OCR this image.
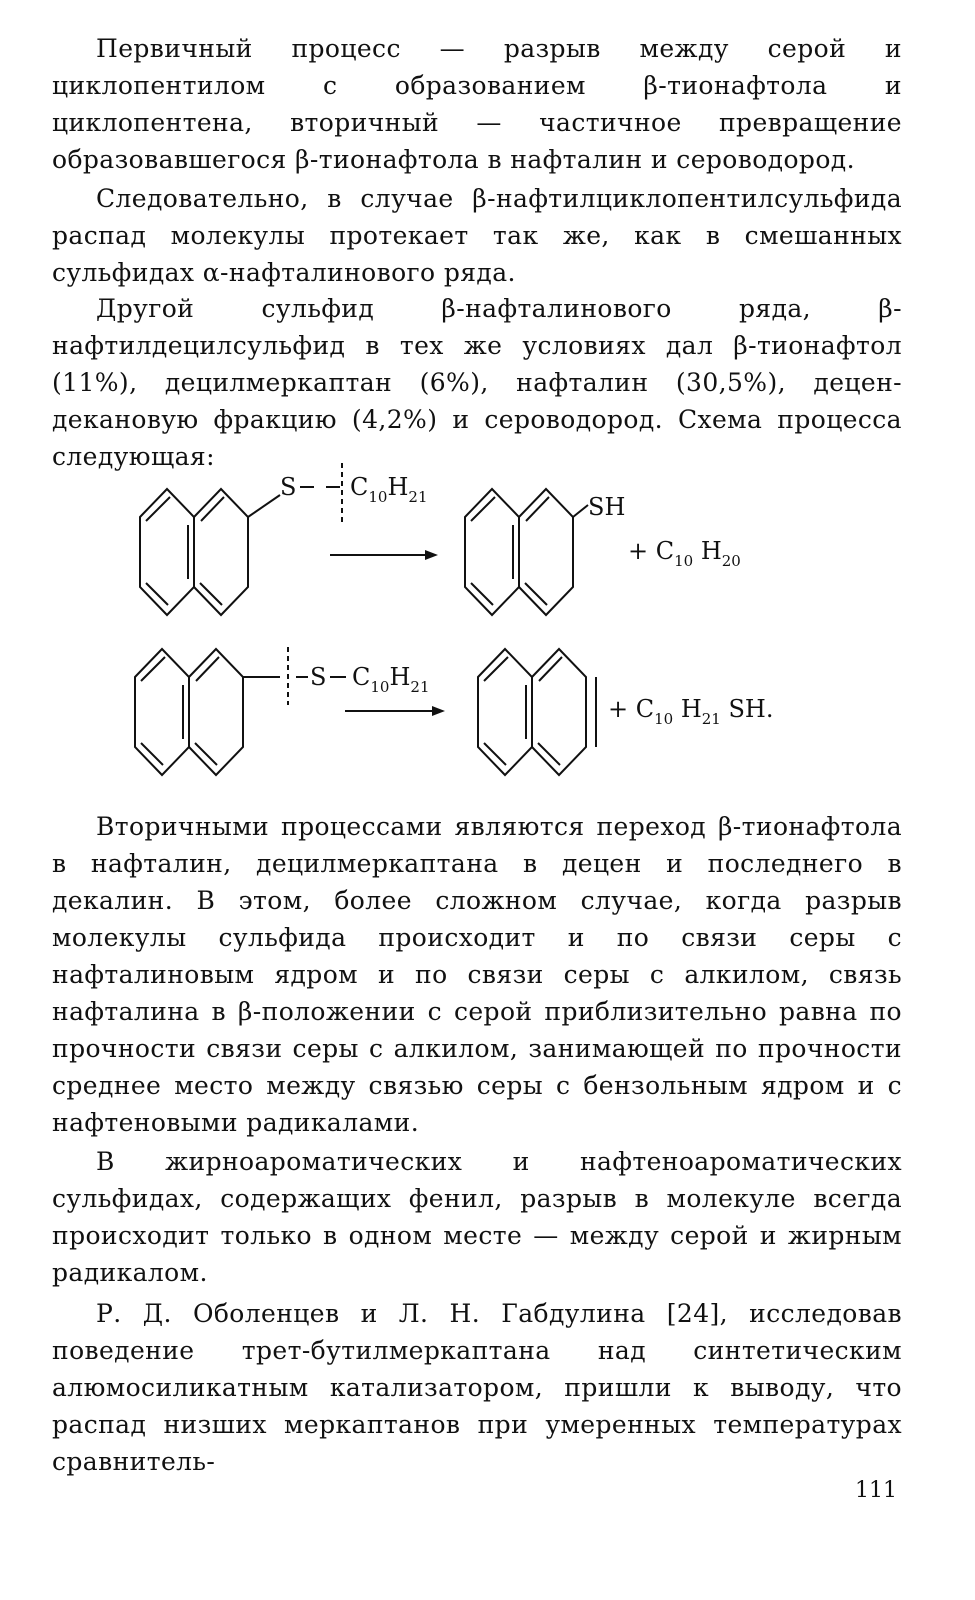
Первичный процесс — разрыв между серой и циклопентилом с образованием β-тионафтола и циклопентена, вторичный — частичное превращение образовавшегося β-тионафтола в нафталин и сероводород.

Следовательно, в случае β-нафтилциклопентилсульфида распад молекулы протекает так же, как в смешанных сульфидах α-нафталинового ряда.

Другой сульфид β-нафталинового ряда, β-нафтилдецилсульфид в тех же условиях дал β-тионафтол (11%), децилмеркаптан (6%), нафталин (30,5%), децен-декановую фракцию (4,2%) и сероводород. Схема процесса следующая:

S $C_{10}H_{21}$	SH
+ $C_{10}$ $H_{20}$
S $C_{10}H_{21}$
+ $C_{10}$ $H_{21}$ SH.

Вторичными процессами являются переход β-тионафтола в нафталин, децилмеркаптана в децен и последнего в декалин. В этом, более сложном случае, когда разрыв молекулы сульфида происходит и по связи серы с нафталиновым ядром и по связи серы с алкилом, связь нафталина в β-положении с серой приблизительно равна по прочности связи серы с алкилом, занимающей по прочности среднее место между связью серы с бензольным ядром и с нафтеновыми радикалами.

В жирноароматических и нафтеноароматических сульфидах, содержащих фенил, разрыв в молекуле всегда происходит только в одном месте — между серой и жирным радикалом.

Р. Д. Оболенцев и Л. Н. Габдулина [24], исследовав поведение трет-бутилмеркаптана над синтетическим алюмосиликатным катализатором, пришли к выводу, что распад низших меркаптанов при умеренных температурах сравнитель-

111
